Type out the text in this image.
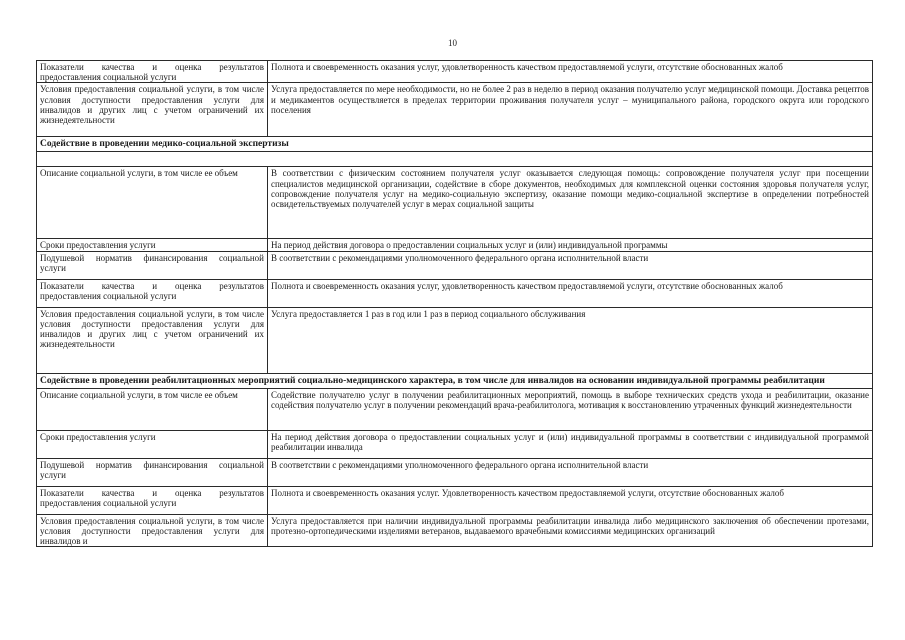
10
Показатели качества и оценка результатов предоставления социальной услуги	Полнота и своевременность оказания услуг, удовлетворенность качеством предоставляемой услуги, отсутствие обоснованных жалоб
Условия предоставления социальной услуги, в том числе условия доступности предоставления услуги для инвалидов и других лиц с учетом ограничений их жизнедеятельности	Услуга предоставляется по мере необходимости, но не более 2 раз в неделю в период оказания получателю услуг медицинской помощи. Доставка рецептов и медикаментов осуществляется в пределах территории проживания получателя услуг – муниципального района, городского округа или городского поселения
Содействие в проведении медико-социальной экспертизы	

Описание социальной услуги, в том числе ее объем	В соответствии с физическим состоянием получателя услуг оказывается следующая помощь: сопровождение получателя услуг при посещении специалистов медицинской организации, содействие в сборе документов, необходимых для комплексной оценки состояния здоровья получателя услуг, сопровождение получателя услуг на медико-социальную экспертизу, оказание помощи медико-социальной экспертизе в определении потребностей освидетельствуемых получателей услуг в мерах социальной защиты
Сроки предоставления услуги	На период действия договора о предоставлении социальных услуг и (или) индивидуальной программы
Подушевой норматив финансирования социальной услуги	В соответствии с рекомендациями уполномоченного федерального органа исполнительной власти
Показатели качества и оценка результатов предоставления социальной услуги	Полнота и своевременность оказания услуг, удовлетворенность качеством предоставляемой услуги, отсутствие обоснованных жалоб
Условия предоставления социальной услуги, в том числе условия доступности предоставления услуги для инвалидов и других лиц с учетом ограничений их жизнедеятельности	Услуга предоставляется 1 раз в год или 1 раз в период социального обслуживания
Содействие в проведении реабилитационных мероприятий социально-медицинского характера, в том числе для инвалидов на основании индивидуальной программы реабилитации	
Описание социальной услуги, в том числе ее объем	Содействие получателю услуг в получении реабилитационных мероприятий, помощь в выборе технических средств ухода и реабилитации, оказание содействия получателю услуг в получении рекомендаций врача-реабилитолога, мотивация к восстановлению утраченных функций жизнедеятельности
Сроки предоставления услуги	На период действия договора о предоставлении социальных услуг и (или) индивидуальной программы в соответствии с индивидуальной программой реабилитации инвалида
Подушевой норматив финансирования социальной услуги	В соответствии с рекомендациями уполномоченного федерального органа исполнительной власти
Показатели качества и оценка результатов предоставления социальной услуги	Полнота и своевременность оказания услуг. Удовлетворенность качеством предоставляемой услуги, отсутствие обоснованных жалоб
Условия предоставления социальной услуги, в том числе условия доступности предоставления услуги для инвалидов и	Услуга предоставляется при наличии индивидуальной программы реабилитации инвалида либо медицинского заключения об обеспечении протезами, протезно-ортопедическими изделиями ветеранов, выдаваемого врачебными комиссиями медицинских организаций
